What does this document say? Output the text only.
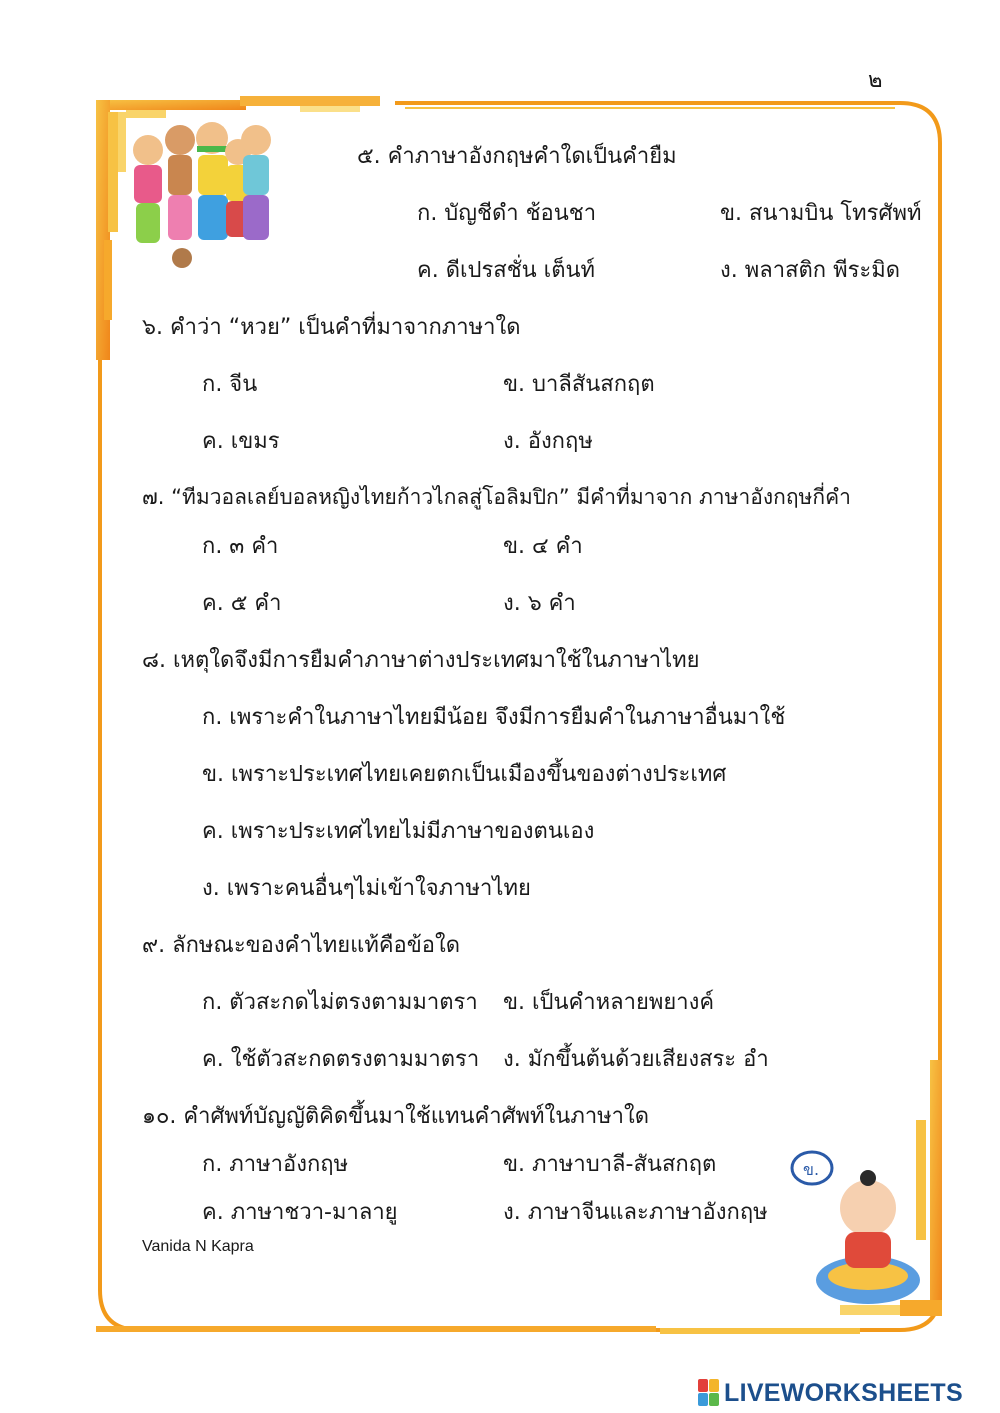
ข.
๒
๕. คำภาษาอังกฤษคำใดเป็นคำยืม
ก. บัญชีดำ ช้อนชา	ข. สนามบิน โทรศัพท์
ค. ดีเปรสชั่น เต็นท์	ง. พลาสติก พีระมิด
๖. คำว่า “หวย” เป็นคำที่มาจากภาษาใด
ก. จีน	ข. บาลีสันสกฤต
ค. เขมร	ง. อังกฤษ
๗. “ทีมวอลเลย์บอลหญิงไทยก้าวไกลสู่โอลิมปิก” มีคำที่มาจาก ภาษาอังกฤษกี่คำ
ก. ๓ คำ	ข. ๔ คำ
ค. ๕ คำ	ง. ๖ คำ
๘. เหตุใดจึงมีการยืมคำภาษาต่างประเทศมาใช้ในภาษาไทย
ก. เพราะคำในภาษาไทยมีน้อย จึงมีการยืมคำในภาษาอื่นมาใช้
ข. เพราะประเทศไทยเคยตกเป็นเมืองขึ้นของต่างประเทศ
ค. เพราะประเทศไทยไม่มีภาษาของตนเอง
ง. เพราะคนอื่นๆไม่เข้าใจภาษาไทย
๙. ลักษณะของคำไทยแท้คือข้อใด
ก. ตัวสะกดไม่ตรงตามมาตรา ข. เป็นคำหลายพยางค์
ค. ใช้ตัวสะกดตรงตามมาตรา ง. มักขึ้นต้นด้วยเสียงสระ อำ
๑๐. คำศัพท์บัญญัติคิดขึ้นมาใช้แทนคำศัพท์ในภาษาใด
ก. ภาษาอังกฤษ	ข. ภาษาบาลี-สันสกฤต
ค. ภาษาชวา-มาลายู	ง. ภาษาจีนและภาษาอังกฤษ
Vanida N Kapra
LIVEWORKSHEETS
